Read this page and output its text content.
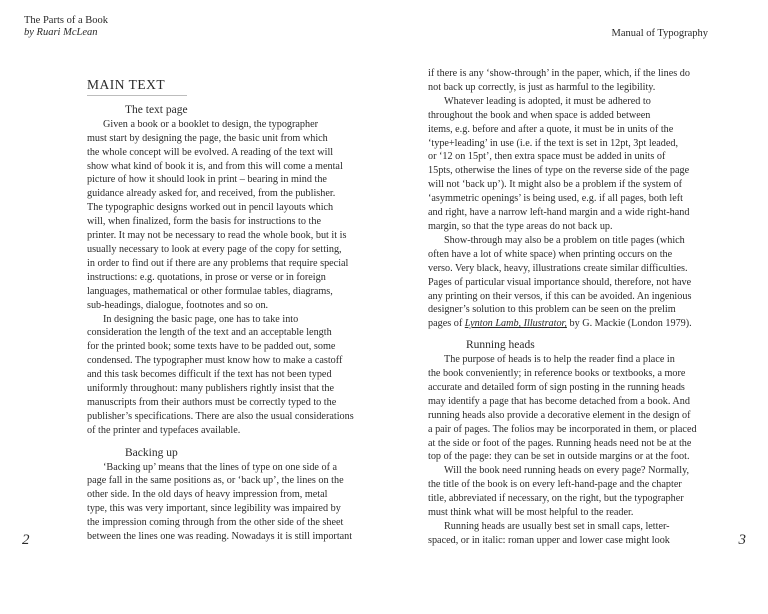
The Parts of a Book
by Ruari McLean	Manual of Typography
MAIN TEXT
The text page
Given a book or a booklet to design, the typographer
must start by designing the page, the basic unit from which
the whole concept will be evolved. A reading of the text will
show what kind of book it is, and from this will come a mental
picture of how it should look in print – bearing in mind the
guidance already asked for, and received, from the publisher.
The typographic designs worked out in pencil layouts which
will, when finalized, form the basis for instructions to the
printer. It may not be necessary to read the whole book, but it is
usually necessary to look at every page of the copy for setting,
in order to find out if there are any problems that require special
instructions: e.g. quotations, in prose or verse or in foreign
languages, mathematical or other formulae tables, diagrams,
sub-headings, dialogue, footnotes and so on.
In designing the basic page, one has to take into
consideration the length of the text and an acceptable length
for the printed book; some texts have to be padded out, some
condensed. The typographer must know how to make a castoff
and this task becomes difficult if the text has not been typed
uniformly throughout: many publishers rightly insist that the
manuscripts from their authors must be correctly typed to the
publisher’s specifications. There are also the usual considerations
of the printer and typefaces available.
Backing up
‘Backing up’ means that the lines of type on one side of a
page fall in the same positions as, or ‘back up’, the lines on the
other side. In the old days of heavy impression from, metal
type, this was very important, since legibility was impaired by
the impression coming through from the other side of the sheet
between the lines one was reading. Nowadays it is still important
2
if there is any ‘show-through’ in the paper, which, if the lines do
not back up correctly, is just as harmful to the legibility.
Whatever leading is adopted, it must be adhered to
throughout the book and when space is added between
items, e.g. before and after a quote, it must be in units of the
‘type+leading’ in use (i.e. if the text is set in 12pt, 3pt leaded,
or ‘12 on 15pt’, then extra space must be added in units of
15pts, otherwise the lines of type on the reverse side of the page
will not ‘back up’). It might also be a problem if the system of
‘asymmetric openings’ is being used, e.g. if all pages, both left
and right, have a narrow left-hand margin and a wide right-hand
margin, so that the type areas do not back up.
Show-through may also be a problem on title pages (which
often have a lot of white space) when printing occurs on the
verso. Very black, heavy, illustrations create similar difficulties.
Pages of particular visual importance should, therefore, not have
any printing on their versos, if this can be avoided. An ingenious
designer’s solution to this problem can be seen on the prelim
pages of Lynton Lamb, Illustrator, by G. Mackie (London 1979).
Running heads
The purpose of heads is to help the reader find a place in
the book conveniently; in reference books or textbooks, a more
accurate and detailed form of sign posting in the running heads
may identify a page that has become detached from a book. And
running heads also provide a decorative element in the design of
a pair of pages. The folios may be incorporated in them, or placed
at the side or foot of the pages. Running heads need not be at the
top of the page: they can be set in outside margins or at the foot.
Will the book need running heads on every page? Normally,
the title of the book is on every left-hand-page and the chapter
title, abbreviated if necessary, on the right, but the typographer
must think what will be most helpful to the reader.
Running heads are usually best set in small caps, letter-
spaced, or in italic: roman upper and lower case might look	3
